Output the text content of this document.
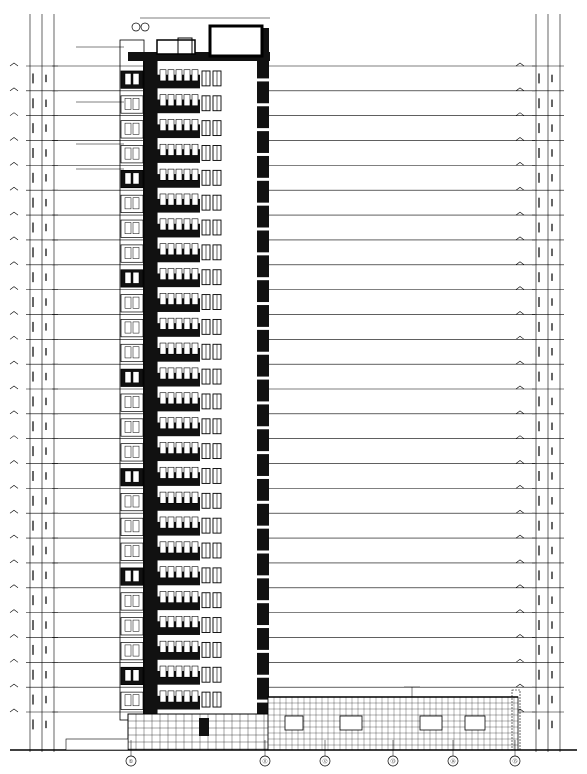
①	⑪	⑫	⑬	⑭	⑮
